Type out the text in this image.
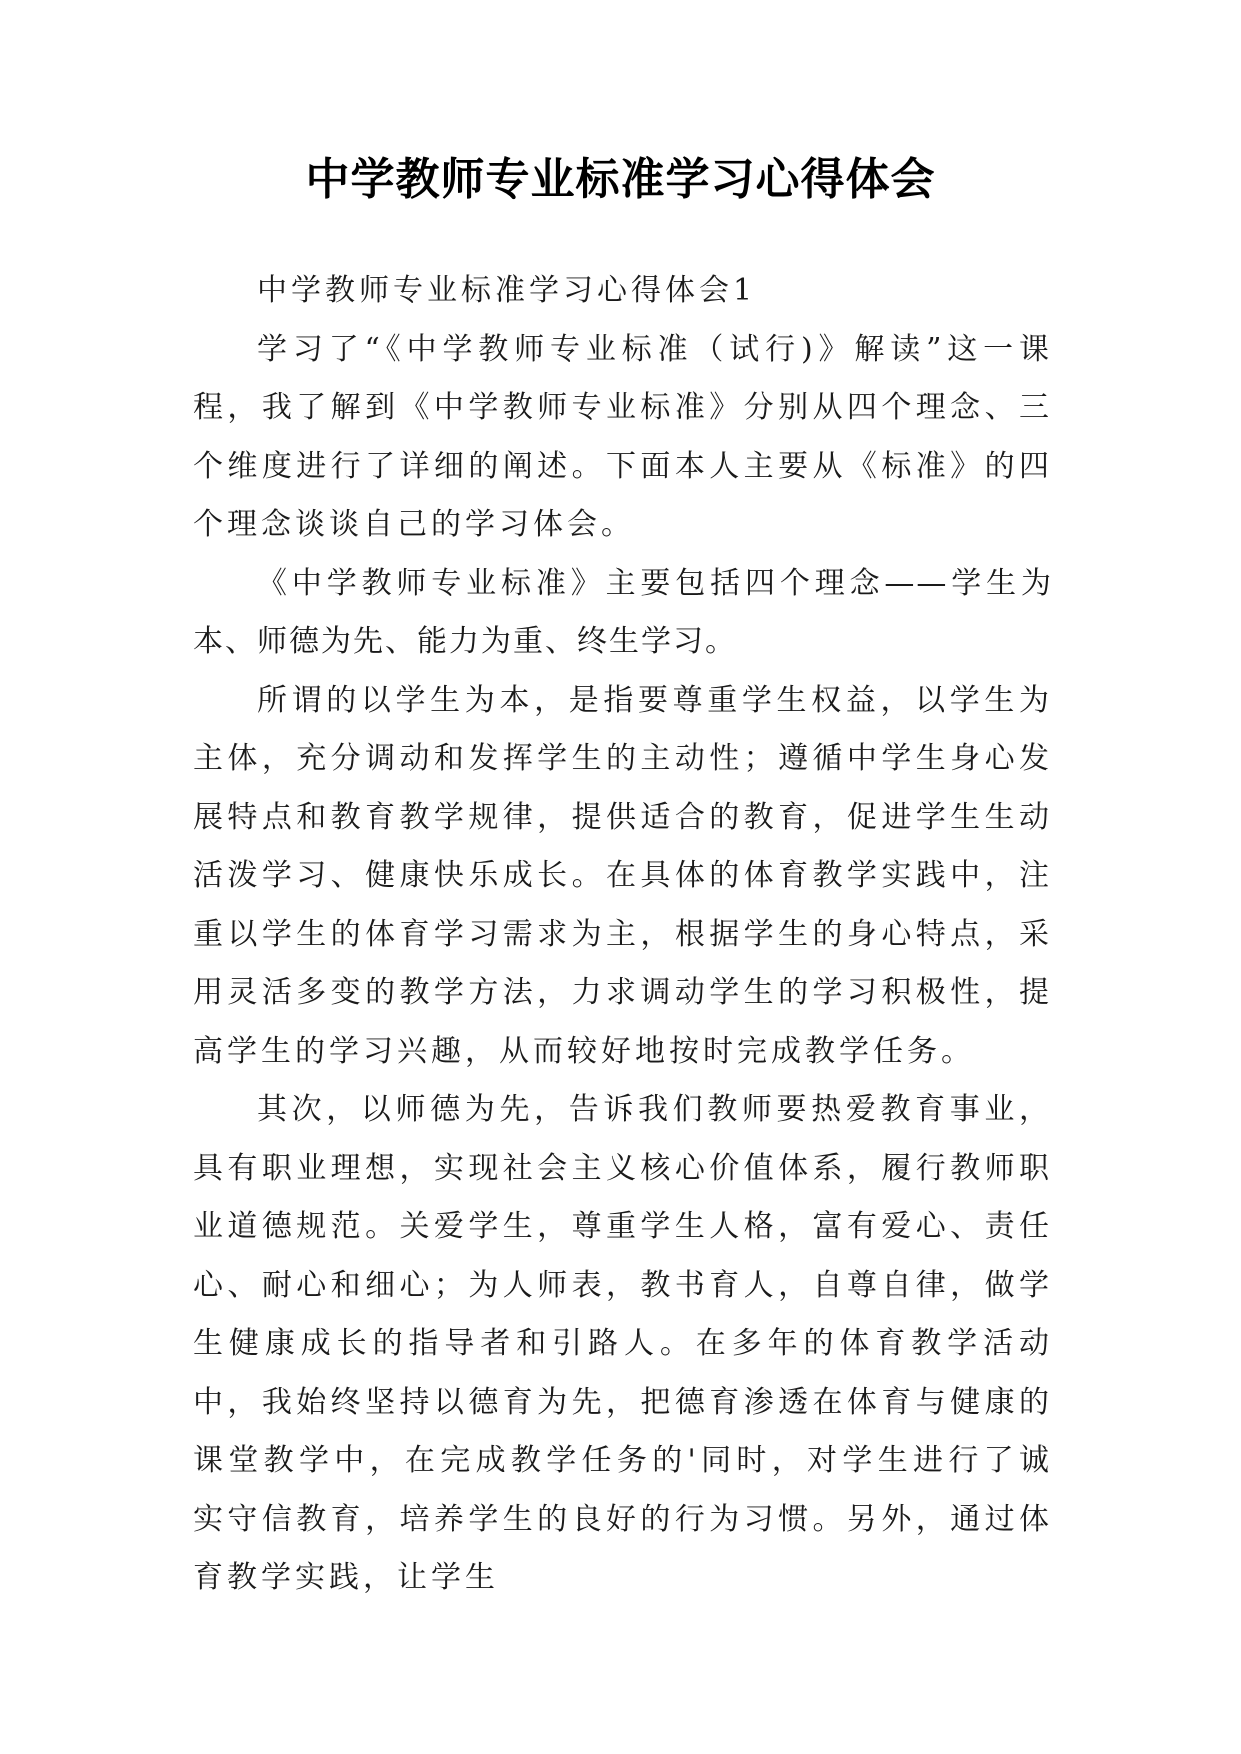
中学教师专业标准学习心得体会

中学教师专业标准学习心得体会1

学习了“《中学教师专业标准（试行)》解读”这一课程，我了解到《中学教师专业标准》分别从四个理念、三个维度进行了详细的阐述。下面本人主要从《标准》的四个理念谈谈自己的学习体会。

《中学教师专业标准》主要包括四个理念——学生为本、师德为先、能力为重、终生学习。

所谓的以学生为本，是指要尊重学生权益，以学生为主体，充分调动和发挥学生的主动性；遵循中学生身心发展特点和教育教学规律，提供适合的教育，促进学生生动活泼学习、健康快乐成长。在具体的体育教学实践中，注重以学生的体育学习需求为主，根据学生的身心特点，采用灵活多变的教学方法，力求调动学生的学习积极性，提高学生的学习兴趣，从而较好地按时完成教学任务。

其次，以师德为先，告诉我们教师要热爱教育事业，具有职业理想，实现社会主义核心价值体系，履行教师职业道德规范。关爱学生，尊重学生人格，富有爱心、责任心、耐心和细心；为人师表，教书育人，自尊自律，做学生健康成长的指导者和引路人。在多年的体育教学活动中，我始终坚持以德育为先，把德育渗透在体育与健康的课堂教学中，在完成教学任务的'同时，对学生进行了诚实守信教育，培养学生的良好的行为习惯。另外，通过体育教学实践，让学生
